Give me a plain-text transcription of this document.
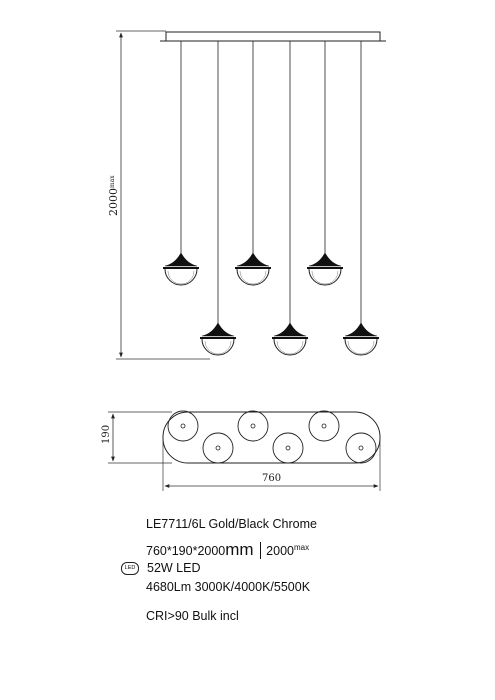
$2000^{max}$
190
760
LE7711/6L Gold/Black Chrome
760*190*2000mm $2000^{max}$
LED 52W LED
4680Lm 3000K/4000K/5500K
CRI>90 Bulk incl
